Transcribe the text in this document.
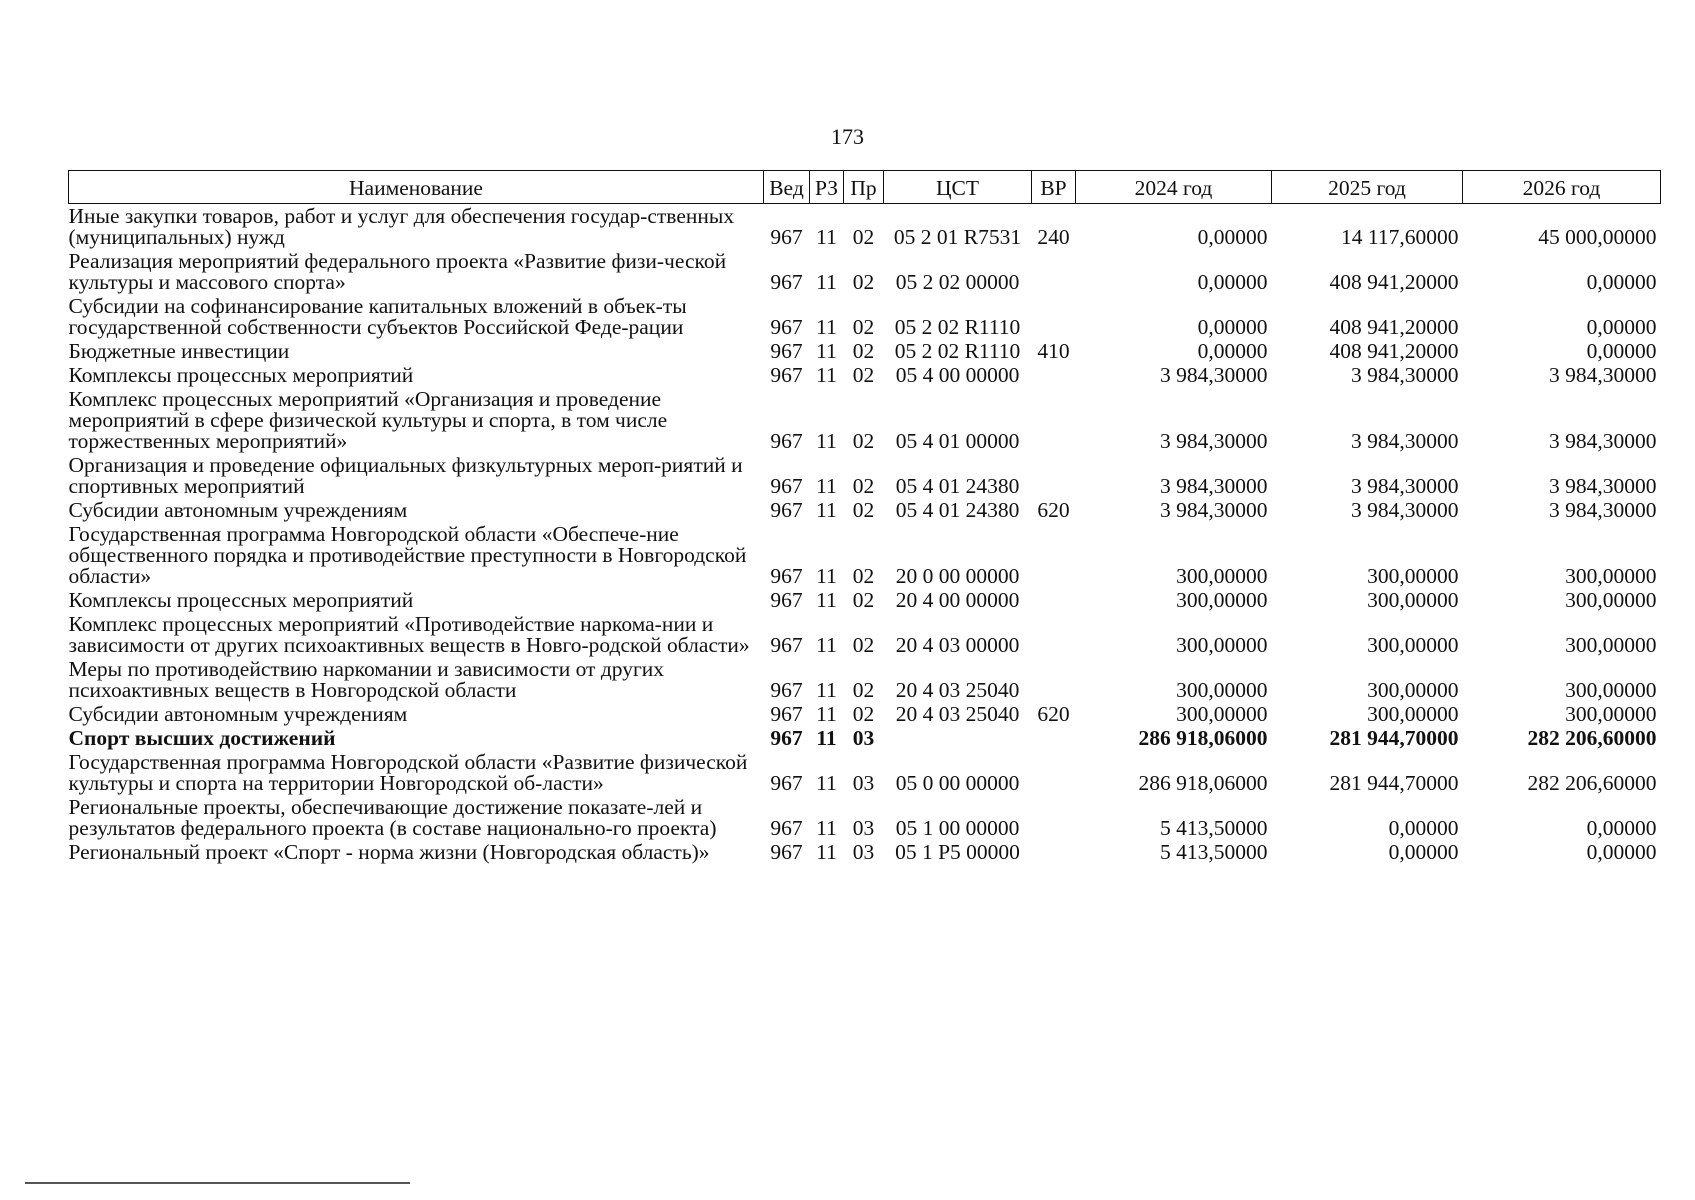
173
Наименование	Вед	РЗ	Пр	ЦСТ	ВР	2024 год	2025 год	2026 год
Иные закупки товаров, работ и услуг для обеспечения государ-ственных (муниципальных) нужд	967	11	02	05 2 01 R7531	240	0,00000	14 117,60000	45 000,00000
Реализация мероприятий федерального проекта «Развитие физи-ческой культуры и массового спорта»	967	11	02	05 2 02 00000		0,00000	408 941,20000	0,00000
Субсидии на софинансирование капитальных вложений в объек-ты государственной собственности субъектов Российской Феде-рации	967	11	02	05 2 02 R1110		0,00000	408 941,20000	0,00000
Бюджетные инвестиции	967	11	02	05 2 02 R1110	410	0,00000	408 941,20000	0,00000
Комплексы процессных мероприятий	967	11	02	05 4 00 00000		3 984,30000	3 984,30000	3 984,30000
Комплекс процессных мероприятий «Организация и проведение мероприятий в сфере физической культуры и спорта, в том числе торжественных мероприятий»	967	11	02	05 4 01 00000		3 984,30000	3 984,30000	3 984,30000
Организация и проведение официальных физкультурных мероп-риятий и спортивных мероприятий	967	11	02	05 4 01 24380		3 984,30000	3 984,30000	3 984,30000
Субсидии автономным учреждениям	967	11	02	05 4 01 24380	620	3 984,30000	3 984,30000	3 984,30000
Государственная программа Новгородской области «Обеспече-ние общественного порядка и противодействие преступности в Новгородской области»	967	11	02	20 0 00 00000		300,00000	300,00000	300,00000
Комплексы процессных мероприятий	967	11	02	20 4 00 00000		300,00000	300,00000	300,00000
Комплекс процессных мероприятий «Противодействие наркома-нии и зависимости от других психоактивных веществ в Новго-родской области»	967	11	02	20 4 03 00000		300,00000	300,00000	300,00000
Меры по противодействию наркомании и зависимости от других психоактивных веществ в Новгородской области	967	11	02	20 4 03 25040		300,00000	300,00000	300,00000
Субсидии автономным учреждениям	967	11	02	20 4 03 25040	620	300,00000	300,00000	300,00000
Спорт высших достижений	967	11	03			286 918,06000	281 944,70000	282 206,60000
Государственная программа Новгородской области «Развитие физической культуры и спорта на территории Новгородской об-ласти»	967	11	03	05 0 00 00000		286 918,06000	281 944,70000	282 206,60000
Региональные проекты, обеспечивающие достижение показате-лей и результатов федерального проекта (в составе национально-го проекта)	967	11	03	05 1 00 00000		5 413,50000	0,00000	0,00000
Региональный проект «Спорт - норма жизни (Новгородская область)»	967	11	03	05 1 P5 00000		5 413,50000	0,00000	0,00000
